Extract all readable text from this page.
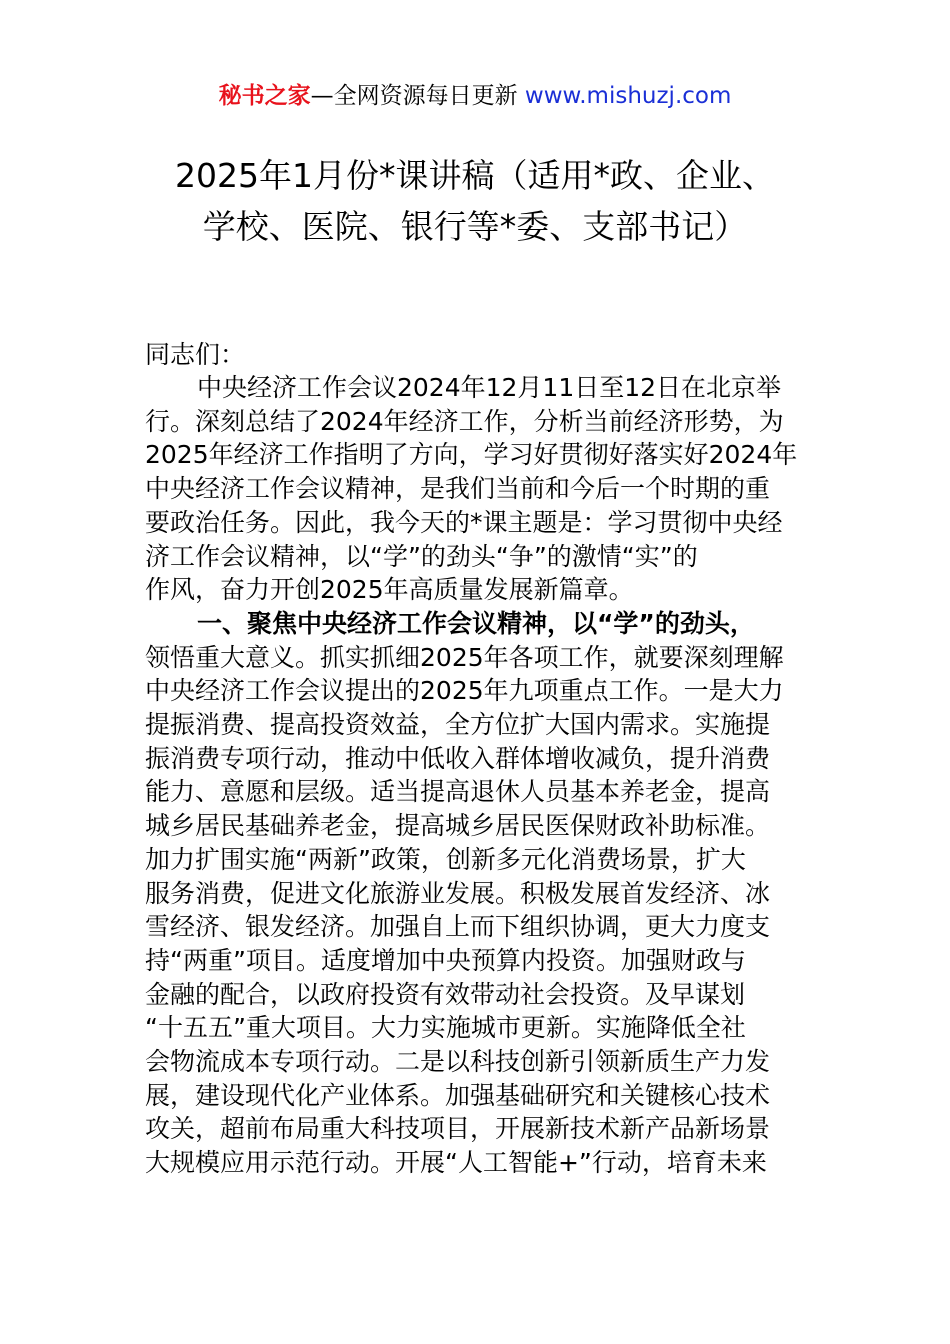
秘书之家—全网资源每日更新 www.mishuzj.com
2025年1月份*课讲稿（适用*政、企业、
学校、医院、银行等*委、支部书记）

同志们：

中央经济工作会议2024年12月11日至12日在北京举
行。深刻总结了2024年经济工作，分析当前经济形势，为
2025年经济工作指明了方向，学习好贯彻好落实好2024年
中央经济工作会议精神，是我们当前和今后一个时期的重
要政治任务。因此，我今天的*课主题是：学习贯彻中央经
济工作会议精神，以“学”的劲头“争”的激情“实”的
作风，奋力开创2025年高质量发展新篇章。
一、聚焦中央经济工作会议精神，以“学”的劲头，
领悟重大意义。抓实抓细2025年各项工作，就要深刻理解
中央经济工作会议提出的2025年九项重点工作。一是大力
提振消费、提高投资效益，全方位扩大国内需求。实施提
振消费专项行动，推动中低收入群体增收减负，提升消费
能力、意愿和层级。适当提高退休人员基本养老金，提高
城乡居民基础养老金，提高城乡居民医保财政补助标准。
加力扩围实施“两新”政策，创新多元化消费场景，扩大
服务消费，促进文化旅游业发展。积极发展首发经济、冰
雪经济、银发经济。加强自上而下组织协调，更大力度支
持“两重”项目。适度增加中央预算内投资。加强财政与
金融的配合，以政府投资有效带动社会投资。及早谋划
“十五五”重大项目。大力实施城市更新。实施降低全社
会物流成本专项行动。二是以科技创新引领新质生产力发
展，建设现代化产业体系。加强基础研究和关键核心技术
攻关，超前布局重大科技项目，开展新技术新产品新场景
大规模应用示范行动。开展“人工智能+”行动，培育未来
